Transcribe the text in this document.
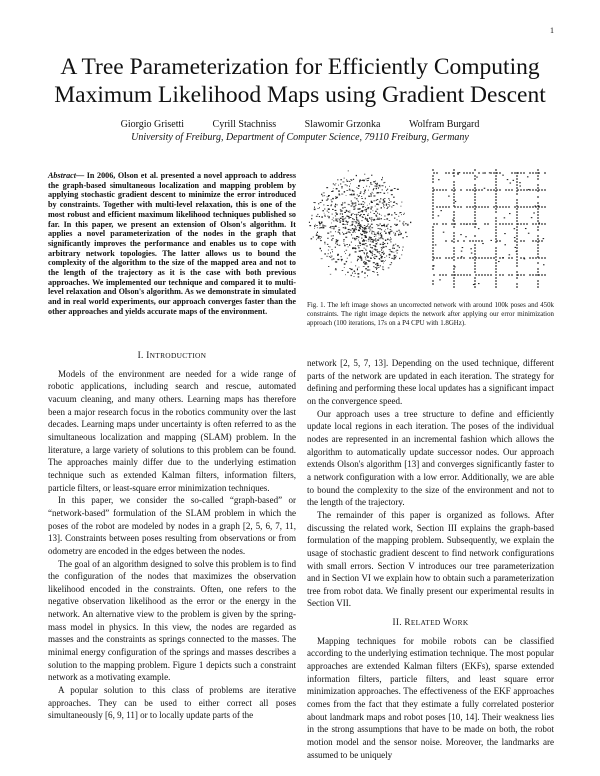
1
A Tree Parameterization for Efficiently Computing
Maximum Likelihood Maps using Gradient Descent
Giorgio Grisetti	Cyrill Stachniss	Slawomir Grzonka	Wolfram Burgard
University of Freiburg, Department of Computer Science, 79110 Freiburg, Germany
Abstract— In 2006, Olson et al. presented a novel approach to address the graph-based simultaneous localization and mapping problem by applying stochastic gradient descent to minimize the error introduced by constraints. Together with multi-level relaxation, this is one of the most robust and efficient maximum likelihood techniques published so far. In this paper, we present an extension of Olson's algorithm. It applies a novel parameterization of the nodes in the graph that significantly improves the performance and enables us to cope with arbitrary network topologies. The latter allows us to bound the complexity of the algorithm to the size of the mapped area and not to the length of the trajectory as it is the case with both previous approaches. We implemented our technique and compared it to multi-level relaxation and Olson's algorithm. As we demonstrate in simulated and in real world experiments, our approach converges faster than the other approaches and yields accurate maps of the environment.
Fig. 1. The left image shows an uncorrected network with around 100k poses and 450k constraints. The right image depicts the network after applying our error minimization approach (100 iterations, 17s on a P4 CPU with 1.8GHz).
I. INTRODUCTION

Models of the environment are needed for a wide range of robotic applications, including search and rescue, automated vacuum cleaning, and many others. Learning maps has therefore been a major research focus in the robotics community over the last decades. Learning maps under uncertainty is often referred to as the simultaneous localization and mapping (SLAM) problem. In the literature, a large variety of solutions to this problem can be found. The approaches mainly differ due to the underlying estimation technique such as extended Kalman filters, information filters, particle filters, or least-square error minimization techniques.

In this paper, we consider the so-called “graph-based” or “network-based” formulation of the SLAM problem in which the poses of the robot are modeled by nodes in a graph [2, 5, 6, 7, 11, 13]. Constraints between poses resulting from observations or from odometry are encoded in the edges between the nodes.

The goal of an algorithm designed to solve this problem is to find the configuration of the nodes that maximizes the observation likelihood encoded in the constraints. Often, one refers to the negative observation likelihood as the error or the energy in the network. An alternative view to the problem is given by the spring-mass model in physics. In this view, the nodes are regarded as masses and the constraints as springs connected to the masses. The minimal energy configuration of the springs and masses describes a solution to the mapping problem. Figure 1 depicts such a constraint network as a motivating example.

A popular solution to this class of problems are iterative approaches. They can be used to either correct all poses simultaneously [6, 9, 11] or to locally update parts of the

network [2, 5, 7, 13]. Depending on the used technique, different parts of the network are updated in each iteration. The strategy for defining and performing these local updates has a significant impact on the convergence speed.

Our approach uses a tree structure to define and efficiently update local regions in each iteration. The poses of the individual nodes are represented in an incremental fashion which allows the algorithm to automatically update successor nodes. Our approach extends Olson's algorithm [13] and converges significantly faster to a network configuration with a low error. Additionally, we are able to bound the complexity to the size of the environment and not to the length of the trajectory.

The remainder of this paper is organized as follows. After discussing the related work, Section III explains the graph-based formulation of the mapping problem. Subsequently, we explain the usage of stochastic gradient descent to find network configurations with small errors. Section V introduces our tree parameterization and in Section VI we explain how to obtain such a parameterization tree from robot data. We finally present our experimental results in Section VII.

II. RELATED WORK

Mapping techniques for mobile robots can be classified according to the underlying estimation technique. The most popular approaches are extended Kalman filters (EKFs), sparse extended information filters, particle filters, and least square error minimization approaches. The effectiveness of the EKF approaches comes from the fact that they estimate a fully correlated posterior about landmark maps and robot poses [10, 14]. Their weakness lies in the strong assumptions that have to be made on both, the robot motion model and the sensor noise. Moreover, the landmarks are assumed to be uniquely
